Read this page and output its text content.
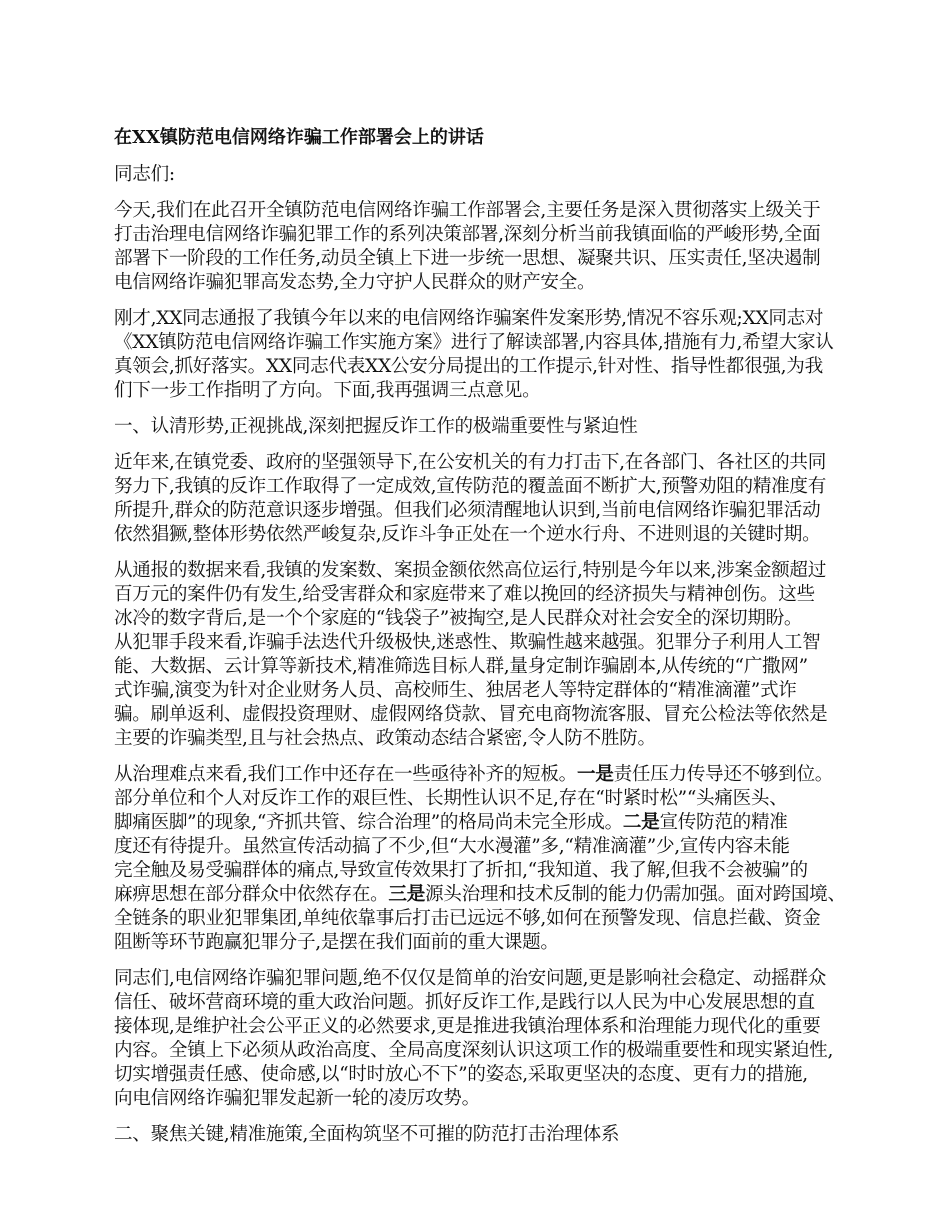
在XX镇防范电信网络诈骗工作部署会上的讲话
同志们:
今天,我们在此召开全镇防范电信网络诈骗工作部署会,主要任务是深入贯彻落实上级关于
打击治理电信网络诈骗犯罪工作的系列决策部署,深刻分析当前我镇面临的严峻形势,全面
部署下一阶段的工作任务,动员全镇上下进一步统一思想、凝聚共识、压实责任,坚决遏制
电信网络诈骗犯罪高发态势,全力守护人民群众的财产安全。
刚才,XX同志通报了我镇今年以来的电信网络诈骗案件发案形势,情况不容乐观;XX同志对
《XX镇防范电信网络诈骗工作实施方案》进行了解读部署,内容具体,措施有力,希望大家认
真领会,抓好落实。XX同志代表XX公安分局提出的工作提示,针对性、指导性都很强,为我
们下一步工作指明了方向。下面,我再强调三点意见。
一、认清形势,正视挑战,深刻把握反诈工作的极端重要性与紧迫性
近年来,在镇党委、政府的坚强领导下,在公安机关的有力打击下,在各部门、各社区的共同
努力下,我镇的反诈工作取得了一定成效,宣传防范的覆盖面不断扩大,预警劝阻的精准度有
所提升,群众的防范意识逐步增强。但我们必须清醒地认识到,当前电信网络诈骗犯罪活动
依然猖獗,整体形势依然严峻复杂,反诈斗争正处在一个逆水行舟、不进则退的关键时期。
从通报的数据来看,我镇的发案数、案损金额依然高位运行,特别是今年以来,涉案金额超过
百万元的案件仍有发生,给受害群众和家庭带来了难以挽回的经济损失与精神创伤。这些
冰冷的数字背后,是一个个家庭的“钱袋子”被掏空,是人民群众对社会安全的深切期盼。
从犯罪手段来看,诈骗手法迭代升级极快,迷惑性、欺骗性越来越强。犯罪分子利用人工智
能、大数据、云计算等新技术,精准筛选目标人群,量身定制诈骗剧本,从传统的“广撒网”
式诈骗,演变为针对企业财务人员、高校师生、独居老人等特定群体的“精准滴灌”式诈
骗。刷单返利、虚假投资理财、虚假网络贷款、冒充电商物流客服、冒充公检法等依然是
主要的诈骗类型,且与社会热点、政策动态结合紧密,令人防不胜防。
从治理难点来看,我们工作中还存在一些亟待补齐的短板。一是责任压力传导还不够到位。
部分单位和个人对反诈工作的艰巨性、长期性认识不足,存在“时紧时松”“头痛医头、
脚痛医脚”的现象,“齐抓共管、综合治理”的格局尚未完全形成。二是宣传防范的精准
度还有待提升。虽然宣传活动搞了不少,但“大水漫灌”多,“精准滴灌”少,宣传内容未能
完全触及易受骗群体的痛点,导致宣传效果打了折扣,“我知道、我了解,但我不会被骗”的
麻痹思想在部分群众中依然存在。三是源头治理和技术反制的能力仍需加强。面对跨国境、
全链条的职业犯罪集团,单纯依靠事后打击已远远不够,如何在预警发现、信息拦截、资金
阻断等环节跑赢犯罪分子,是摆在我们面前的重大课题。
同志们,电信网络诈骗犯罪问题,绝不仅仅是简单的治安问题,更是影响社会稳定、动摇群众
信任、破坏营商环境的重大政治问题。抓好反诈工作,是践行以人民为中心发展思想的直
接体现,是维护社会公平正义的必然要求,更是推进我镇治理体系和治理能力现代化的重要
内容。全镇上下必须从政治高度、全局高度深刻认识这项工作的极端重要性和现实紧迫性,
切实增强责任感、使命感,以“时时放心不下”的姿态,采取更坚决的态度、更有力的措施,
向电信网络诈骗犯罪发起新一轮的凌厉攻势。
二、聚焦关键,精准施策,全面构筑坚不可摧的防范打击治理体系
